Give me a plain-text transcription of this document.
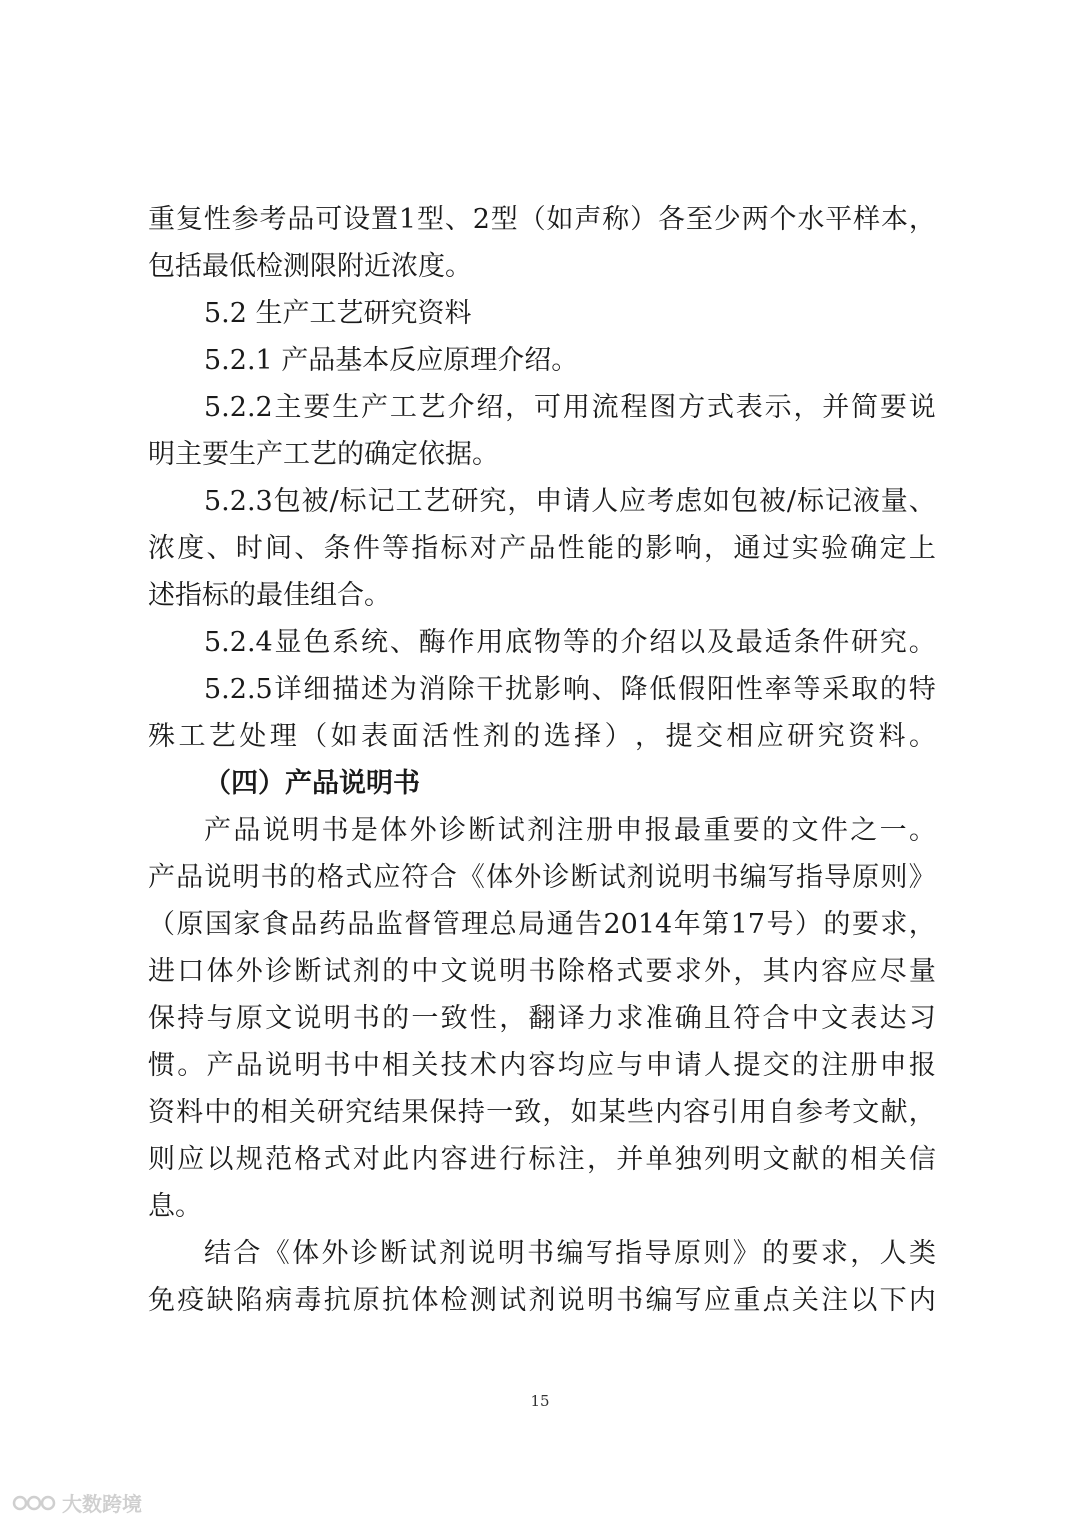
重 复 性 参 考 品 可 设 置 1 型 、 2 型 （ 如 声 称 ） 各 至 少 两 个 水 平 样 本 ，
包括最低检测限附近浓度。
5.2 生产工艺研究资料
5.2.1 产品基本反应原理介绍。
5.2.2 主 要 生 产 工 艺 介 绍 ， 可 用 流 程 图 方 式 表 示 ， 并 简 要 说
明主要生产工艺的确定依据。
5.2.3 包 被 / 标 记 工 艺 研 究 ， 申 请 人 应 考 虑 如 包 被 / 标 记 液 量 、
浓 度 、 时 间 、 条 件 等 指 标 对 产 品 性 能 的 影 响 ， 通 过 实 验 确 定 上
述指标的最佳组合。
5.2.4 显 色 系 统 、 酶 作 用 底 物 等 的 介 绍 以 及 最 适 条 件 研 究 。
5.2.5 详 细 描 述 为 消 除 干 扰 影 响 、 降 低 假 阳 性 率 等 采 取 的 特
殊 工 艺 处 理 （ 如 表 面 活 性 剂 的 选 择 ） ， 提 交 相 应 研 究 资 料 。
（四）产品说明书
产 品 说 明 书 是 体 外 诊 断 试 剂 注 册 申 报 最 重 要 的 文 件 之 一 。
产 品 说 明 书 的 格 式 应 符 合 《 体 外 诊 断 试 剂 说 明 书 编 写 指 导 原 则 》
（ 原 国 家 食 品 药 品 监 督 管 理 总 局 通 告 2014 年 第 17 号 ） 的 要 求 ，
进 口 体 外 诊 断 试 剂 的 中 文 说 明 书 除 格 式 要 求 外 ， 其 内 容 应 尽 量
保 持 与 原 文 说 明 书 的 一 致 性 ， 翻 译 力 求 准 确 且 符 合 中 文 表 达 习
惯 。 产 品 说 明 书 中 相 关 技 术 内 容 均 应 与 申 请 人 提 交 的 注 册 申 报
资 料 中 的 相 关 研 究 结 果 保 持 一 致 ， 如 某 些 内 容 引 用 自 参 考 文 献 ，
则 应 以 规 范 格 式 对 此 内 容 进 行 标 注 ， 并 单 独 列 明 文 献 的 相 关 信
息。
结 合 《 体 外 诊 断 试 剂 说 明 书 编 写 指 导 原 则 》 的 要 求 ， 人 类
免 疫 缺 陷 病 毒 抗 原 抗 体 检 测 试 剂 说 明 书 编 写 应 重 点 关 注 以 下 内
15
大数跨境
